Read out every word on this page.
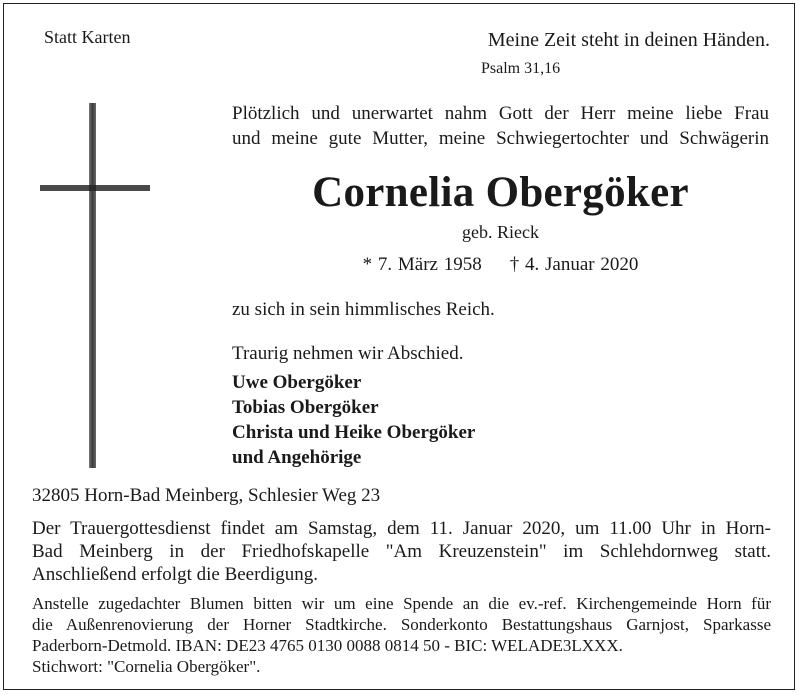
Statt Karten	Meine Zeit steht in deinen Händen.
Psalm 31,16
Plötzlich und unerwartet nahm Gott der Herr meine liebe Frau
und meine gute Mutter, meine Schwiegertochter und Schwägerin
Cornelia Obergöker
geb. Rieck
* 7. März 1958 † 4. Januar 2020
zu sich in sein himmlisches Reich.
Traurig nehmen wir Abschied.
Uwe Obergöker
Tobias Obergöker
Christa und Heike Obergöker
und Angehörige
32805 Horn-Bad Meinberg, Schlesier Weg 23
Der Trauergottesdienst findet am Samstag, dem 11. Januar 2020, um 11.00 Uhr in Horn-
Bad Meinberg in der Friedhofskapelle "Am Kreuzenstein" im Schlehdornweg statt.
Anschließend erfolgt die Beerdigung.
Anstelle zugedachter Blumen bitten wir um eine Spende an die ev.-ref. Kirchengemeinde Horn für
die Außenrenovierung der Horner Stadtkirche. Sonderkonto Bestattungshaus Garnjost, Sparkasse
Paderborn-Detmold. IBAN: DE23 4765 0130 0088 0814 50 - BIC: WELADE3LXXX.
Stichwort: "Cornelia Obergöker".
